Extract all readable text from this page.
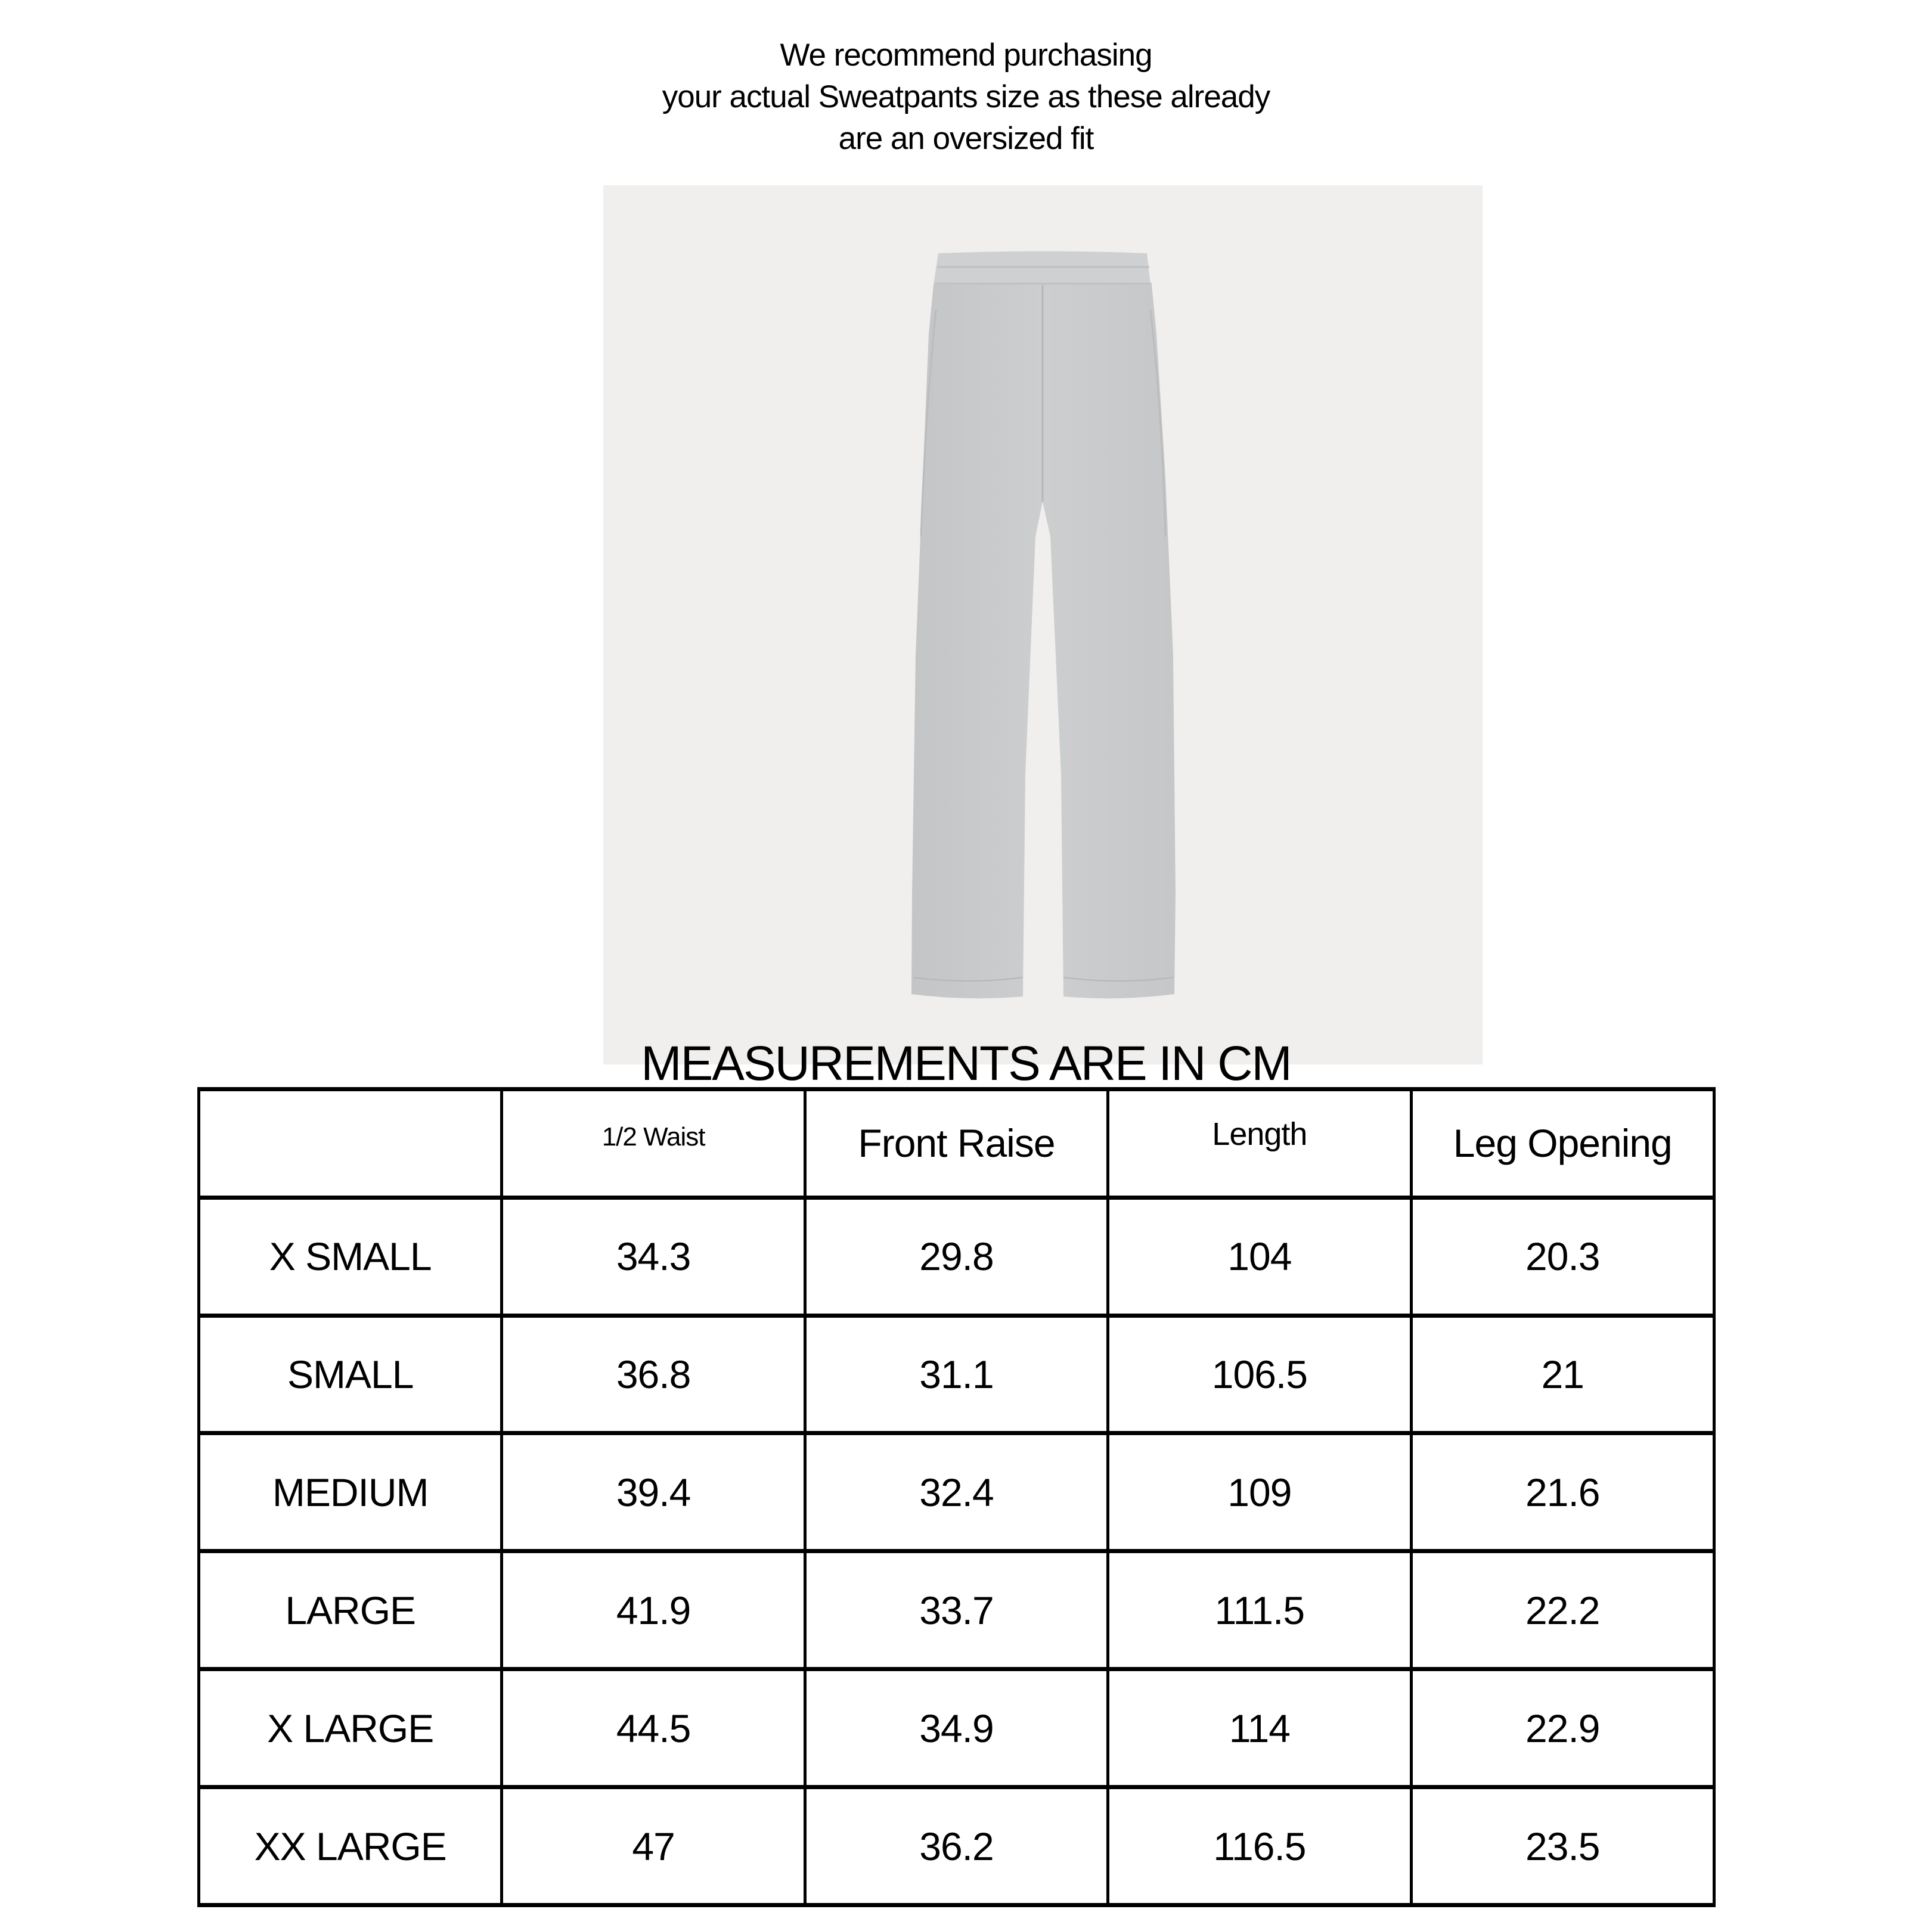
We recommend purchasing
your actual Sweatpants size as these already
are an oversized fit
MEASUREMENTS ARE IN CM
	1/2 Waist	Front Raise	Length	Leg Opening
X SMALL	34.3	29.8	104	20.3
SMALL	36.8	31.1	106.5	21
MEDIUM	39.4	32.4	109	21.6
LARGE	41.9	33.7	111.5	22.2
X LARGE	44.5	34.9	114	22.9
XX LARGE	47	36.2	116.5	23.5
